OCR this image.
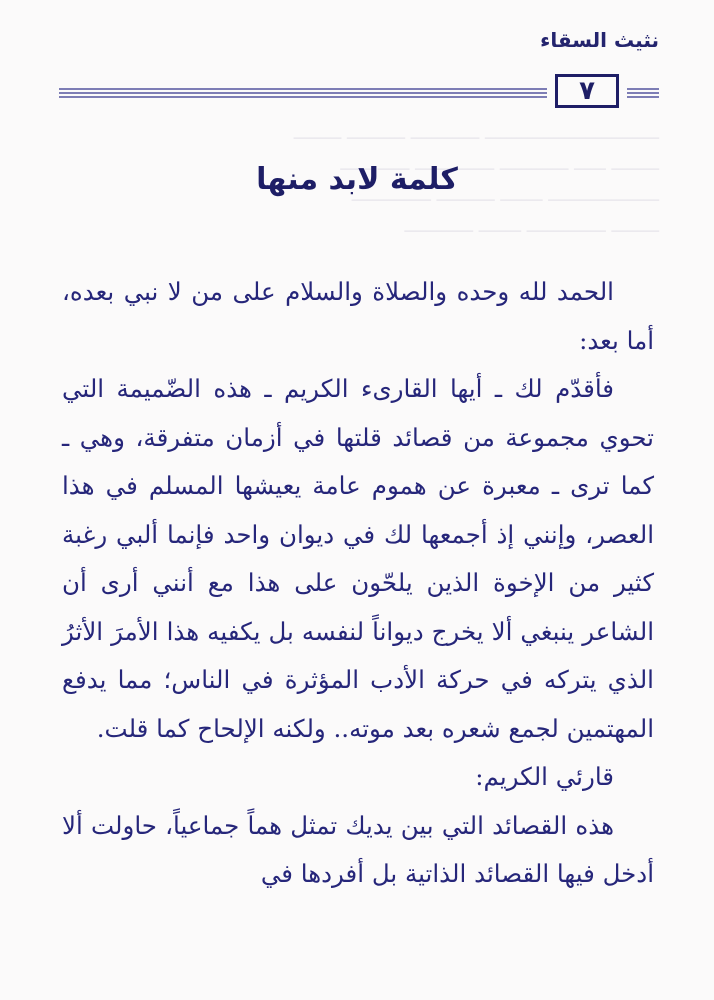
نثيث السقاء
٧
ـــــــــــــــــــــــــــــــــ ـــــــــــــ ـــــــــــ ـــــــــ
ـــــــــ ــــــ ـــــــــــــ ـــــــــــــــ ــــــ ــــــ
ـــــــــــــــــــــ ــــــــ ـــــــــــ ـــــــــــــــ
ـــــــــ ـــــــــــــــ ــــــــ ـــــــــــــ
كلمة لابد منها

الحمد لله وحده والصلاة والسلام على من لا نبي بعده، أما بعد:

فأقدّم لك ـ أيها القارىء الكريم ـ هذه الضّميمة التي تحوي مجموعة من قصائد قلتها في أزمان متفرقة، وهي ـ كما ترى ـ معبرة عن هموم عامة يعيشها المسلم في هذا العصر، وإنني إذ أجمعها لك في ديوان واحد فإنما ألبي رغبة كثير من الإخوة الذين يلحّون على هذا مع أنني أرى أن الشاعر ينبغي ألا يخرج ديواناً لنفسه بل يكفيه هذا الأمرَ الأثرُ الذي يتركه في حركة الأدب المؤثرة في الناس؛ مما يدفع المهتمين لجمع شعره بعد موته.. ولكنه الإلحاح كما قلت.

قارئي الكريم:

هذه القصائد التي بين يديك تمثل هماً جماعياً، حاولت ألا أدخل فيها القصائد الذاتية بل أفردها في
